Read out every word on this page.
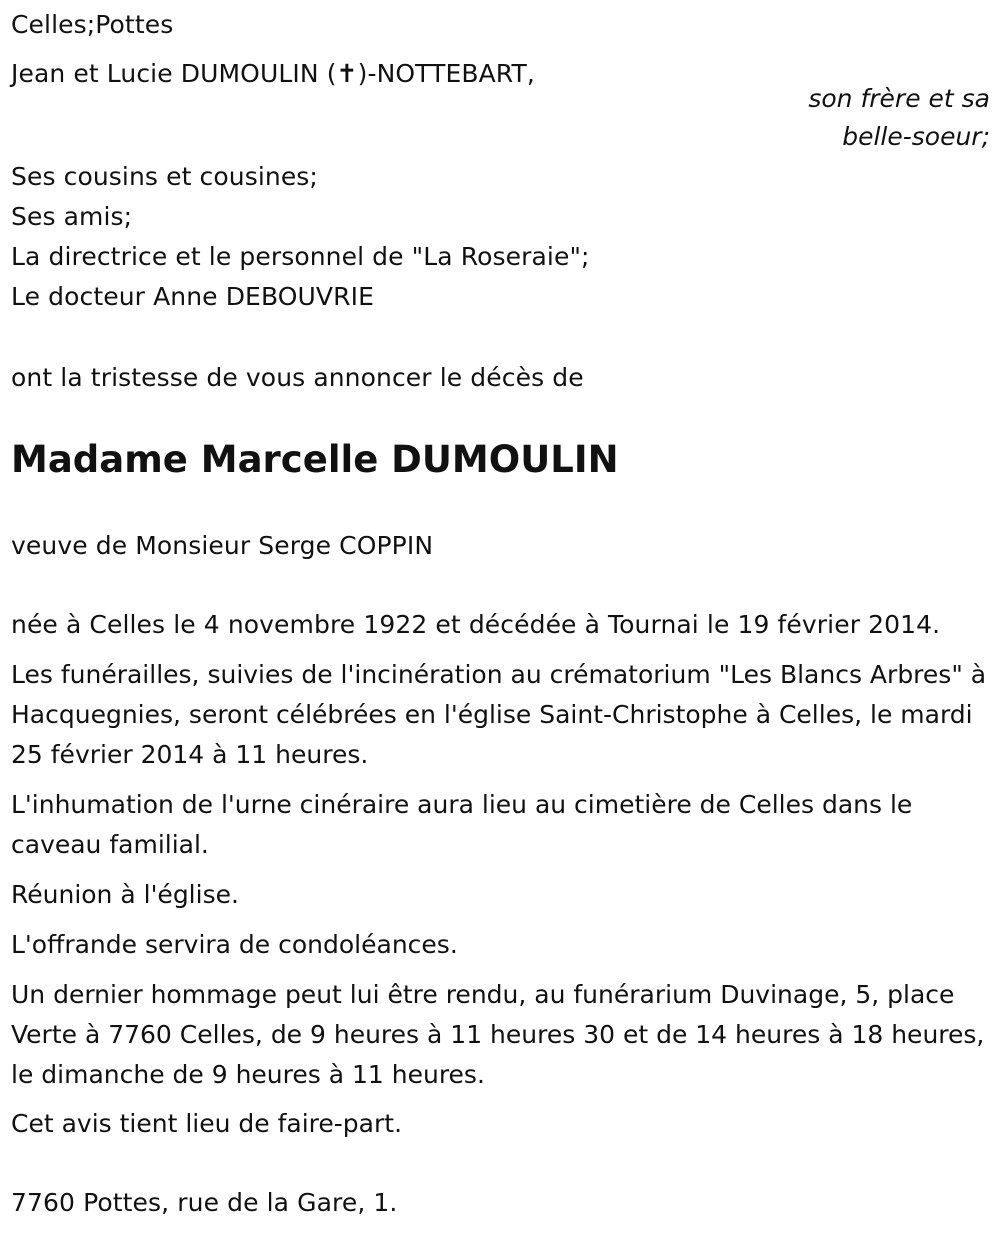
Celles;Pottes
Jean et Lucie DUMOULIN (✝)-NOTTEBART,
son frère et sa
belle-soeur;
Ses cousins et cousines;
Ses amis;
La directrice et le personnel de "La Roseraie";
Le docteur Anne DEBOUVRIE
ont la tristesse de vous annoncer le décès de
Madame Marcelle DUMOULIN
veuve de Monsieur Serge COPPIN
née à Celles le 4 novembre 1922 et décédée à Tournai le 19 février 2014.
Les funérailles, suivies de l'incinération au crématorium "Les Blancs Arbres" à Hacquegnies, seront célébrées en l'église Saint-Christophe à Celles, le mardi 25 février 2014 à 11 heures.
L'inhumation de l'urne cinéraire aura lieu au cimetière de Celles dans le caveau familial.
Réunion à l'église.
L'offrande servira de condoléances.
Un dernier hommage peut lui être rendu, au funérarium Duvinage, 5, place Verte à 7760 Celles, de 9 heures à 11 heures 30 et de 14 heures à 18 heures, le dimanche de 9 heures à 11 heures.
Cet avis tient lieu de faire-part.
7760 Pottes, rue de la Gare, 1.
